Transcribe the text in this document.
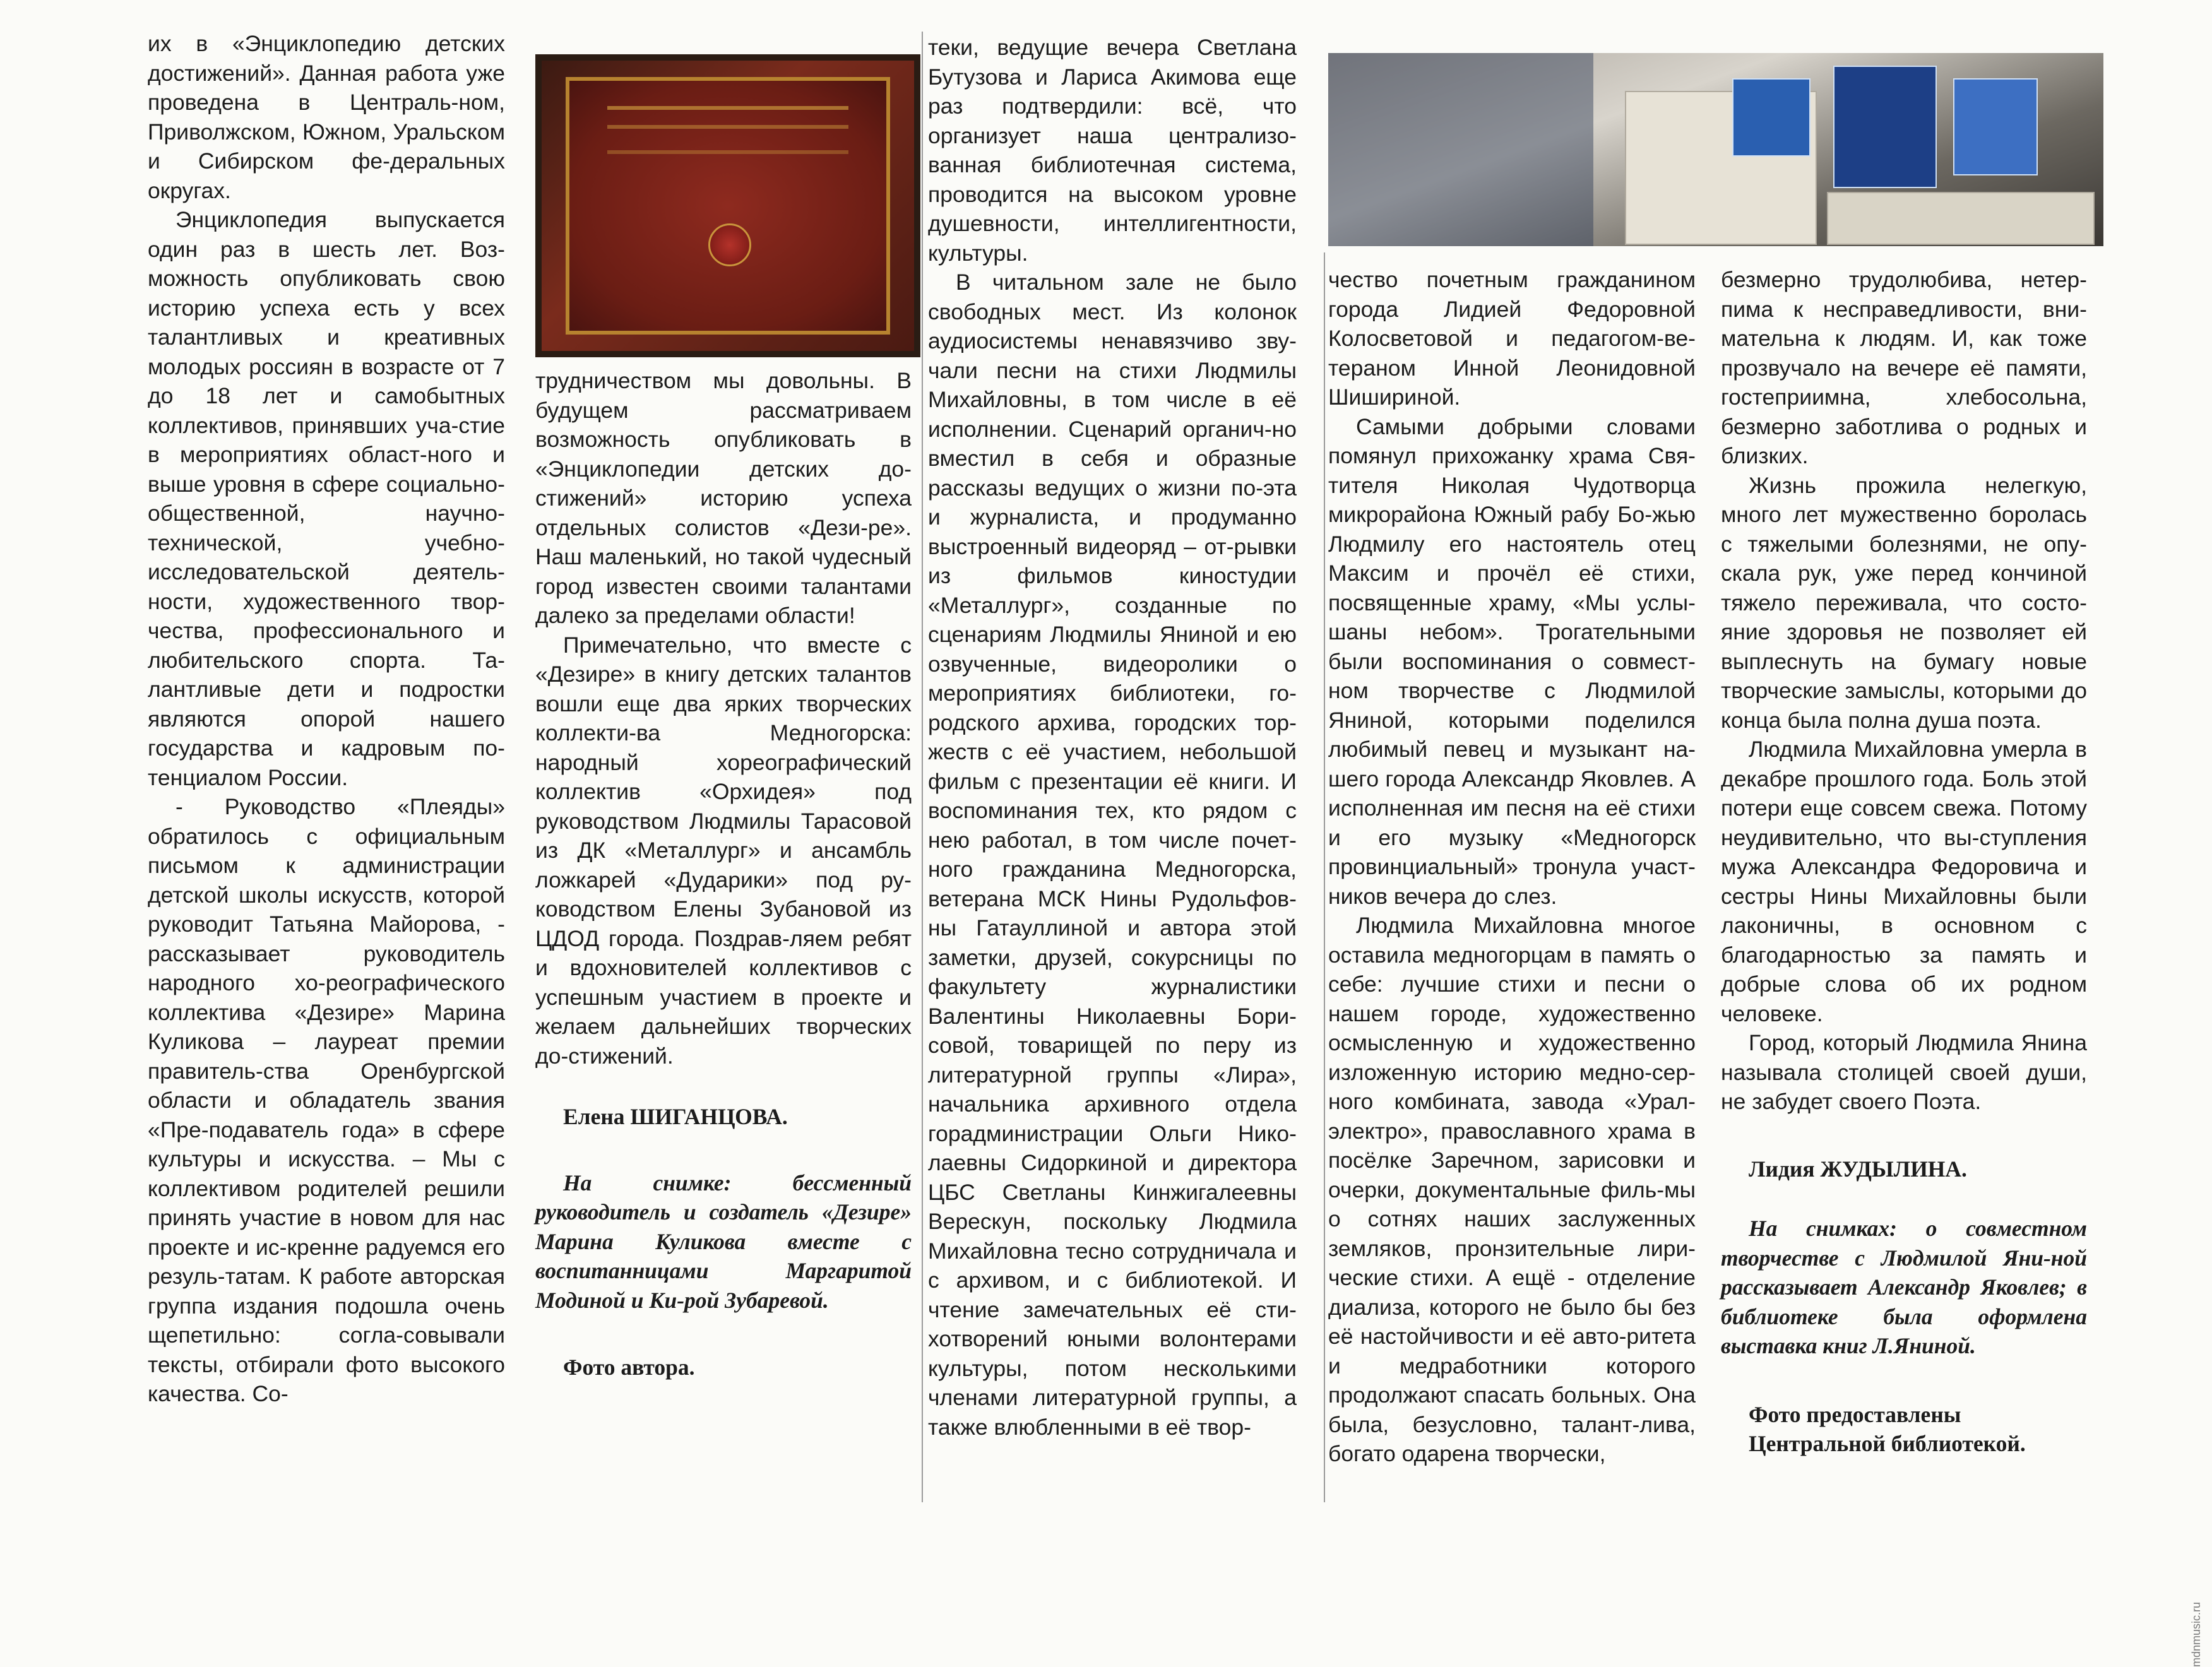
их в «Энциклопедию детских достижений». Данная работа уже проведена в Централь-ном, Приволжском, Южном, Уральском и Сибирском фе-деральных округах.

Энциклопедия выпускается один раз в шесть лет. Воз-можность опубликовать свою историю успеха есть у всех талантливых и креативных молодых россиян в возрасте от 7 до 18 лет и самобытных коллективов, принявших уча-стие в мероприятиях област-ного и выше уровня в сфере социально-общественной, научно-технической, учебно-исследовательской деятель-ности, художественного твор-чества, профессионального и любительского спорта. Та-лантливые дети и подростки являются опорой нашего государства и кадровым по-тенциалом России.

- Руководство «Плеяды» обратилось с официальным письмом к администрации детской школы искусств, которой руководит Татьяна Майорова, - рассказывает руководитель народного хо-реографического коллектива «Дезире» Марина Куликова – лауреат премии правитель-ства Оренбургской области и обладатель звания «Пре-подаватель года» в сфере культуры и искусства. – Мы с коллективом родителей решили принять участие в новом для нас проекте и ис-кренне радуемся его резуль-татам. К работе авторская группа издания подошла очень щепетильно: согла-совывали тексты, отбирали фото высокого качества. Со-

трудничеством мы довольны. В будущем рассматриваем возможность опубликовать в «Энциклопедии детских до-стижений» историю успеха отдельных солистов «Дези-ре». Наш маленький, но такой чудесный город известен своими талантами далеко за пределами области!

Примечательно, что вместе с «Дезире» в книгу детских талантов вошли еще два ярких творческих коллекти-ва Медногорска: народный хореографический коллектив «Орхидея» под руководством Людмилы Тарасовой из ДК «Металлург» и ансамбль ложкарей «Дударики» под ру-ководством Елены Зубановой из ЦДОД города. Поздрав-ляем ребят и вдохновителей коллективов с успешным участием в проекте и желаем дальнейших творческих до-стижений.

Елена ШИГАНЦОВА.

На снимке: бессменный руководитель и создатель «Дезире» Марина Куликова вместе с воспитанницами Маргаритой Модиной и Ки-рой Зубаревой.

Фото автора.

теки, ведущие вечера Светлана Бутузова и Лариса Акимова еще раз подтвердили: всё, что организует наша централизо-ванная библиотечная система, проводится на высоком уровне душевности, интеллигентности, культуры.

В читальном зале не было свободных мест. Из колонок аудиосистемы ненавязчиво зву-чали песни на стихи Людмилы Михайловны, в том числе в её исполнении. Сценарий органич-но вместил в себя и образные рассказы ведущих о жизни по-эта и журналиста, и продуманно выстроенный видеоряд – от-рывки из фильмов киностудии «Металлург», созданные по сценариям Людмилы Яниной и ею озвученные, видеоролики о мероприятиях библиотеки, го-родского архива, городских тор-жеств с её участием, небольшой фильм с презентации её книги. И воспоминания тех, кто рядом с нею работал, в том числе почет-ного гражданина Медногорска, ветерана МСК Нины Рудольфов-ны Гатауллиной и автора этой заметки, друзей, сокурсницы по факультету журналистики Валентины Николаевны Бори-совой, товарищей по перу из литературной группы «Лира», начальника архивного отдела горадминистрации Ольги Нико-лаевны Сидоркиной и директора ЦБС Светланы Кинжигалеевны Верескун, поскольку Людмила Михайловна тесно сотрудничала и с архивом, и с библиотекой. И чтение замечательных её сти-хотворений юными волонтерами культуры, потом несколькими членами литературной группы, а также влюбленными в её твор-

чество почетным гражданином города Лидией Федоровной Колосветовой и педагогом-ве-тераном Инной Леонидовной Шишириной.

Самыми добрыми словами помянул прихожанку храма Свя-тителя Николая Чудотворца микрорайона Южный рабу Бо-жью Людмилу его настоятель отец Максим и прочёл её стихи, посвященные храму, «Мы услы-шаны небом». Трогательными были воспоминания о совмест-ном творчестве с Людмилой Яниной, которыми поделился любимый певец и музыкант на-шего города Александр Яковлев. А исполненная им песня на её стихи и его музыку «Медногорск провинциальный» тронула участ-ников вечера до слез.

Людмила Михайловна многое оставила медногорцам в память о себе: лучшие стихи и песни о нашем городе, художественно осмысленную и художественно изложенную историю медно-сер-ного комбината, завода «Урал-электро», православного храма в посёлке Заречном, зарисовки и очерки, документальные филь-мы о сотнях наших заслуженных земляков, пронзительные лири-ческие стихи. А ещё - отделение диализа, которого не было бы без её настойчивости и её авто-ритета и медработники которого продолжают спасать больных. Она была, безусловно, талант-лива, богато одарена творчески,

безмерно трудолюбива, нетер-пима к несправедливости, вни-мательна к людям. И, как тоже прозвучало на вечере её памяти, гостеприимна, хлебосольна, безмерно заботлива о родных и близких.

Жизнь прожила нелегкую, много лет мужественно боролась с тяжелыми болезнями, не опу-скала рук, уже перед кончиной тяжело переживала, что состо-яние здоровья не позволяет ей выплеснуть на бумагу новые творческие замыслы, которыми до конца была полна душа поэта.

Людмила Михайловна умерла в декабре прошлого года. Боль этой потери еще совсем свежа. Потому неудивительно, что вы-ступления мужа Александра Федоровича и сестры Нины Михайловны были лаконичны, в основном с благодарностью за память и добрые слова об их родном человеке.

Город, который Людмила Янина называла столицей своей души, не забудет своего Поэта.

Лидия ЖУДЫЛИНА.

На снимках: о совместном творчестве с Людмилой Яни-ной рассказывает Александр Яковлев; в библиотеке была оформлена выставка книг Л.Яниной.

Фото предоставлены

Центральной библиотекой.

mdnmusic.ru
